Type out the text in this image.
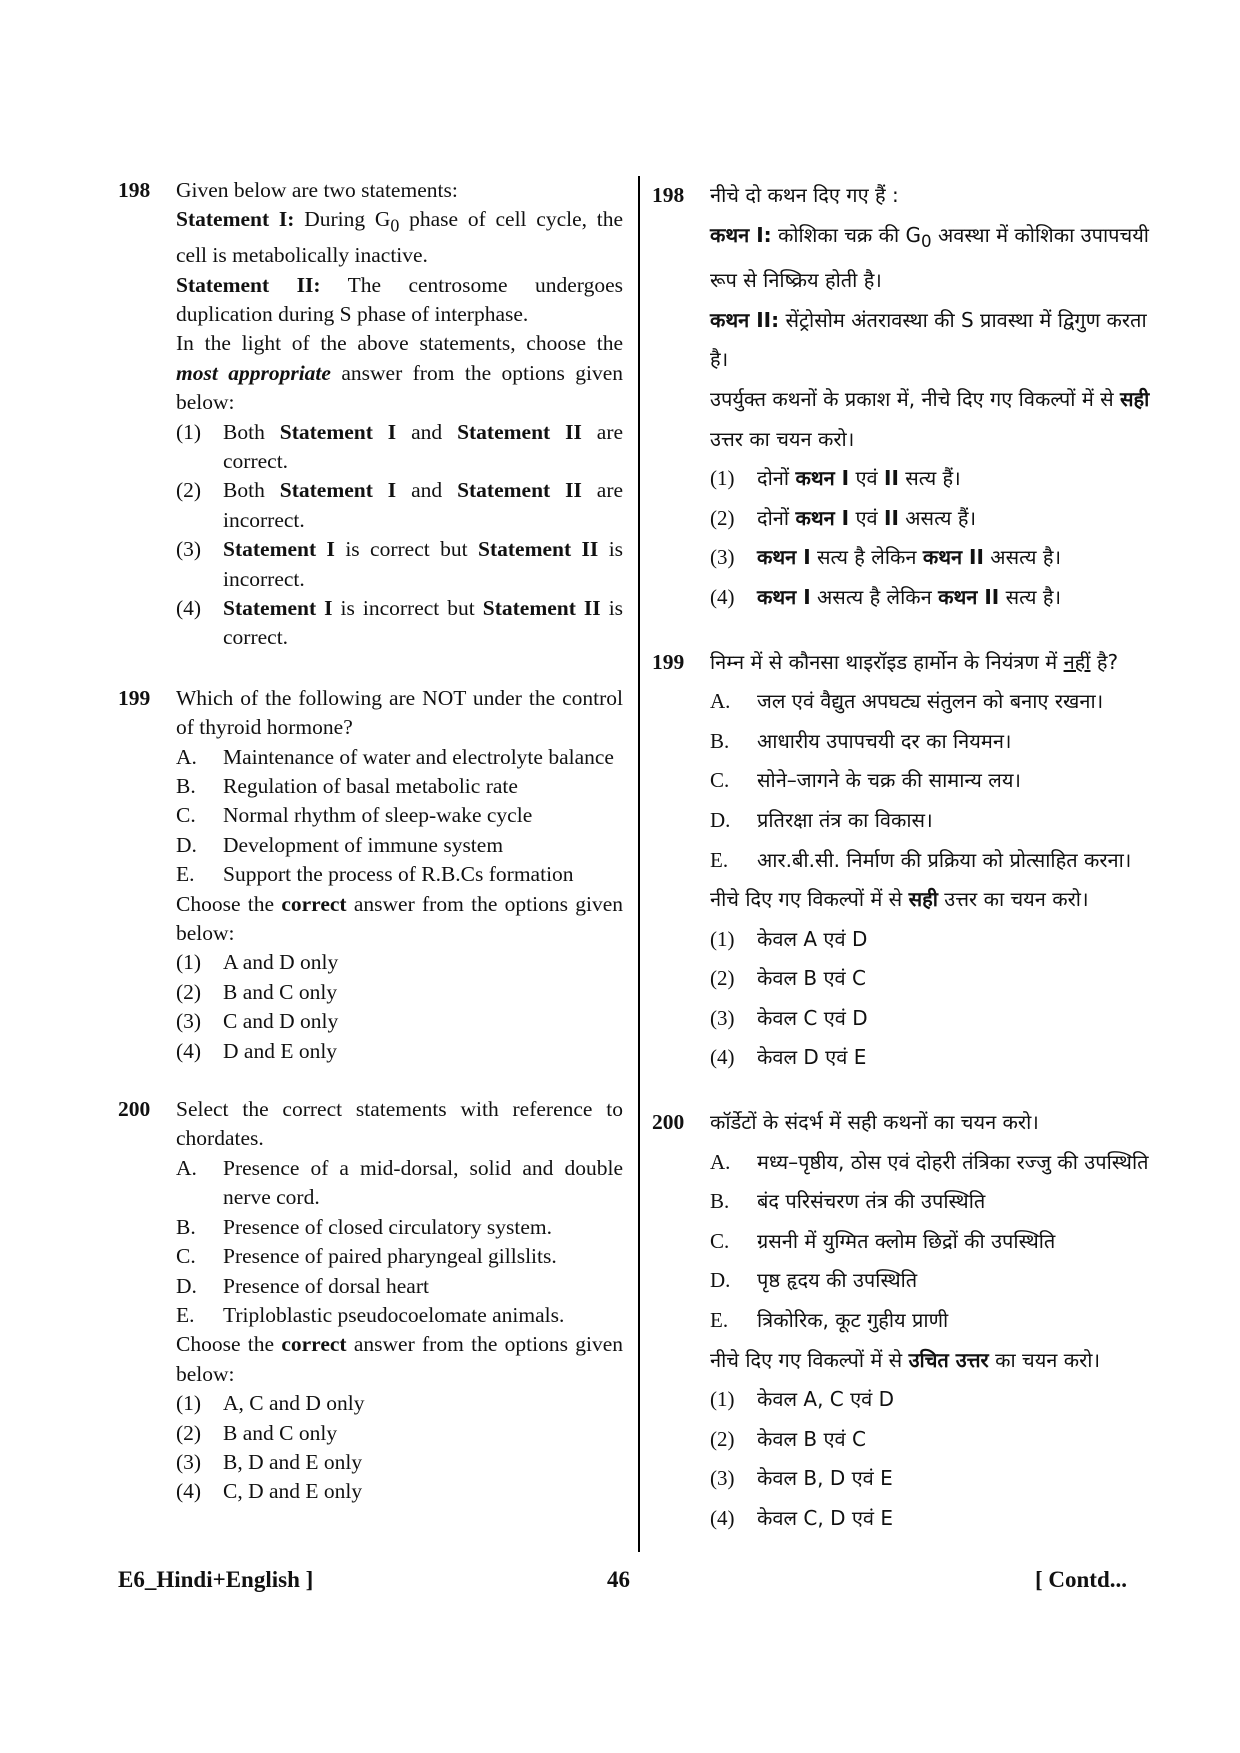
198 Given below are two statements:
Statement I: During $G_0$ phase of cell cycle, the cell is metabolically inactive.
Statement II: The centrosome undergoes duplication during S phase of interphase.
In the light of the above statements, choose the most appropriate answer from the options given below:
(1) Both Statement I and Statement II are correct.
(2) Both Statement I and Statement II are incorrect.
(3) Statement I is correct but Statement II is incorrect.
(4) Statement I is incorrect but Statement II is correct.
199 Which of the following are NOT under the control of thyroid hormone?
A. Maintenance of water and electrolyte balance
B. Regulation of basal metabolic rate
C. Normal rhythm of sleep-wake cycle
D. Development of immune system
E. Support the process of R.B.Cs formation
Choose the correct answer from the options given below:
(1) A and D only
(2) B and C only
(3) C and D only
(4) D and E only
200 Select the correct statements with reference to chordates.
A. Presence of a mid-dorsal, solid and double nerve cord.
B. Presence of closed circulatory system.
C. Presence of paired pharyngeal gillslits.
D. Presence of dorsal heart
E. Triploblastic pseudocoelomate animals.
Choose the correct answer from the options given below:
(1) A, C and D only
(2) B and C only
(3) B, D and E only
(4) C, D and E only
198 नीचे दो कथन दिए गए हैं :
कथन I: कोशिका चक्र की $G_0$ अवस्था में कोशिका उपापचयी रूप से निष्क्रिय होती है।
कथन II: सेंट्रोसोम अंतरावस्था की S प्रावस्था में द्विगुण करता है।
उपर्युक्त कथनों के प्रकाश में, नीचे दिए गए विकल्पों में से सही उत्तर का चयन करो।
(1) दोनों कथन I एवं II सत्य हैं।
(2) दोनों कथन I एवं II असत्य हैं।
(3) कथन I सत्य है लेकिन कथन II असत्य है।
(4) कथन I असत्य है लेकिन कथन II सत्य है।
199 निम्न में से कौनसा थाइरॉइड हार्मोन के नियंत्रण में नहीं है?
A. जल एवं वैद्युत अपघट्य संतुलन को बनाए रखना।
B. आधारीय उपापचयी दर का नियमन।
C. सोने–जागने के चक्र की सामान्य लय।
D. प्रतिरक्षा तंत्र का विकास।
E. आर.बी.सी. निर्माण की प्रक्रिया को प्रोत्साहित करना।
नीचे दिए गए विकल्पों में से सही उत्तर का चयन करो।
(1) केवल A एवं D
(2) केवल B एवं C
(3) केवल C एवं D
(4) केवल D एवं E
200 कॉर्डेटों के संदर्भ में सही कथनों का चयन करो।
A. मध्य–पृष्ठीय, ठोस एवं दोहरी तंत्रिका रज्जु की उपस्थिति
B. बंद परिसंचरण तंत्र की उपस्थिति
C. ग्रसनी में युग्मित क्लोम छिद्रों की उपस्थिति
D. पृष्ठ हृदय की उपस्थिति
E. त्रिकोरिक, कूट गुहीय प्राणी
नीचे दिए गए विकल्पों में से उचित उत्तर का चयन करो।
(1) केवल A, C एवं D
(2) केवल B एवं C
(3) केवल B, D एवं E
(4) केवल C, D एवं E
E6_Hindi+English ]	46	[ Contd...
